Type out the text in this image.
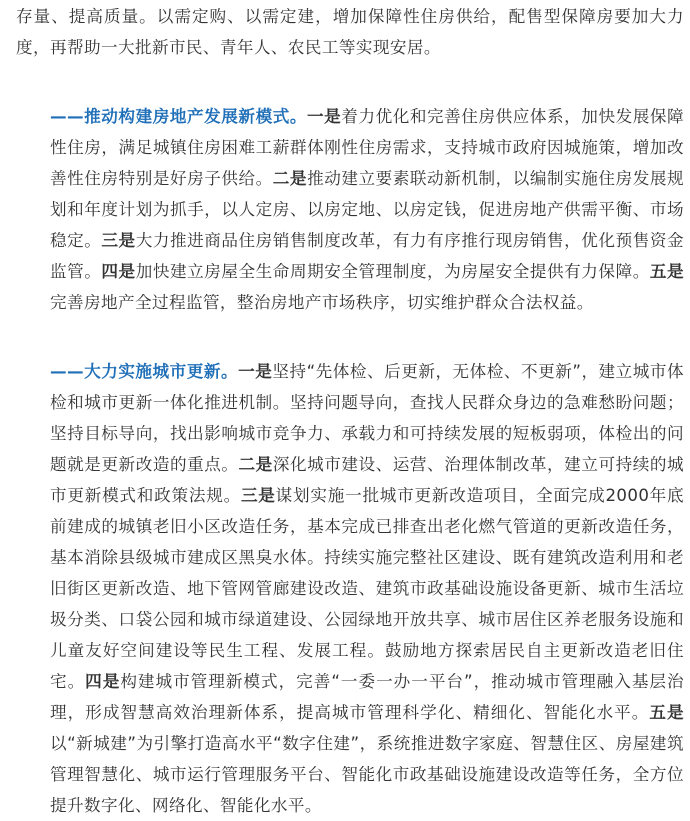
存量、提高质量。以需定购、以需定建，增加保障性住房供给，配售型保障房要加大力度，再帮助一大批新市民、青年人、农民工等实现安居。

——推动构建房地产发展新模式。一是着力优化和完善住房供应体系，加快发展保障性住房，满足城镇住房困难工薪群体刚性住房需求，支持城市政府因城施策，增加改善性住房特别是好房子供给。二是推动建立要素联动新机制，以编制实施住房发展规划和年度计划为抓手，以人定房、以房定地、以房定钱，促进房地产供需平衡、市场稳定。三是大力推进商品住房销售制度改革，有力有序推行现房销售，优化预售资金监管。四是加快建立房屋全生命周期安全管理制度，为房屋安全提供有力保障。五是完善房地产全过程监管，整治房地产市场秩序，切实维护群众合法权益。

——大力实施城市更新。一是坚持“先体检、后更新，无体检、不更新”，建立城市体检和城市更新一体化推进机制。坚持问题导向，查找人民群众身边的急难愁盼问题；坚持目标导向，找出影响城市竞争力、承载力和可持续发展的短板弱项，体检出的问题就是更新改造的重点。二是深化城市建设、运营、治理体制改革，建立可持续的城市更新模式和政策法规。三是谋划实施一批城市更新改造项目，全面完成2000年底前建成的城镇老旧小区改造任务，基本完成已排查出老化燃气管道的更新改造任务，基本消除县级城市建成区黑臭水体。持续实施完整社区建设、既有建筑改造利用和老旧街区更新改造、地下管网管廊建设改造、建筑市政基础设施设备更新、城市生活垃圾分类、口袋公园和城市绿道建设、公园绿地开放共享、城市居住区养老服务设施和儿童友好空间建设等民生工程、发展工程。鼓励地方探索居民自主更新改造老旧住宅。四是构建城市管理新模式，完善“一委一办一平台”，推动城市管理融入基层治理，形成智慧高效治理新体系，提高城市管理科学化、精细化、智能化水平。五是以“新城建”为引擎打造高水平“数字住建”，系统推进数字家庭、智慧住区、房屋建筑管理智慧化、城市运行管理服务平台、智能化市政基础设施建设改造等任务，全方位提升数字化、网络化、智能化水平。
